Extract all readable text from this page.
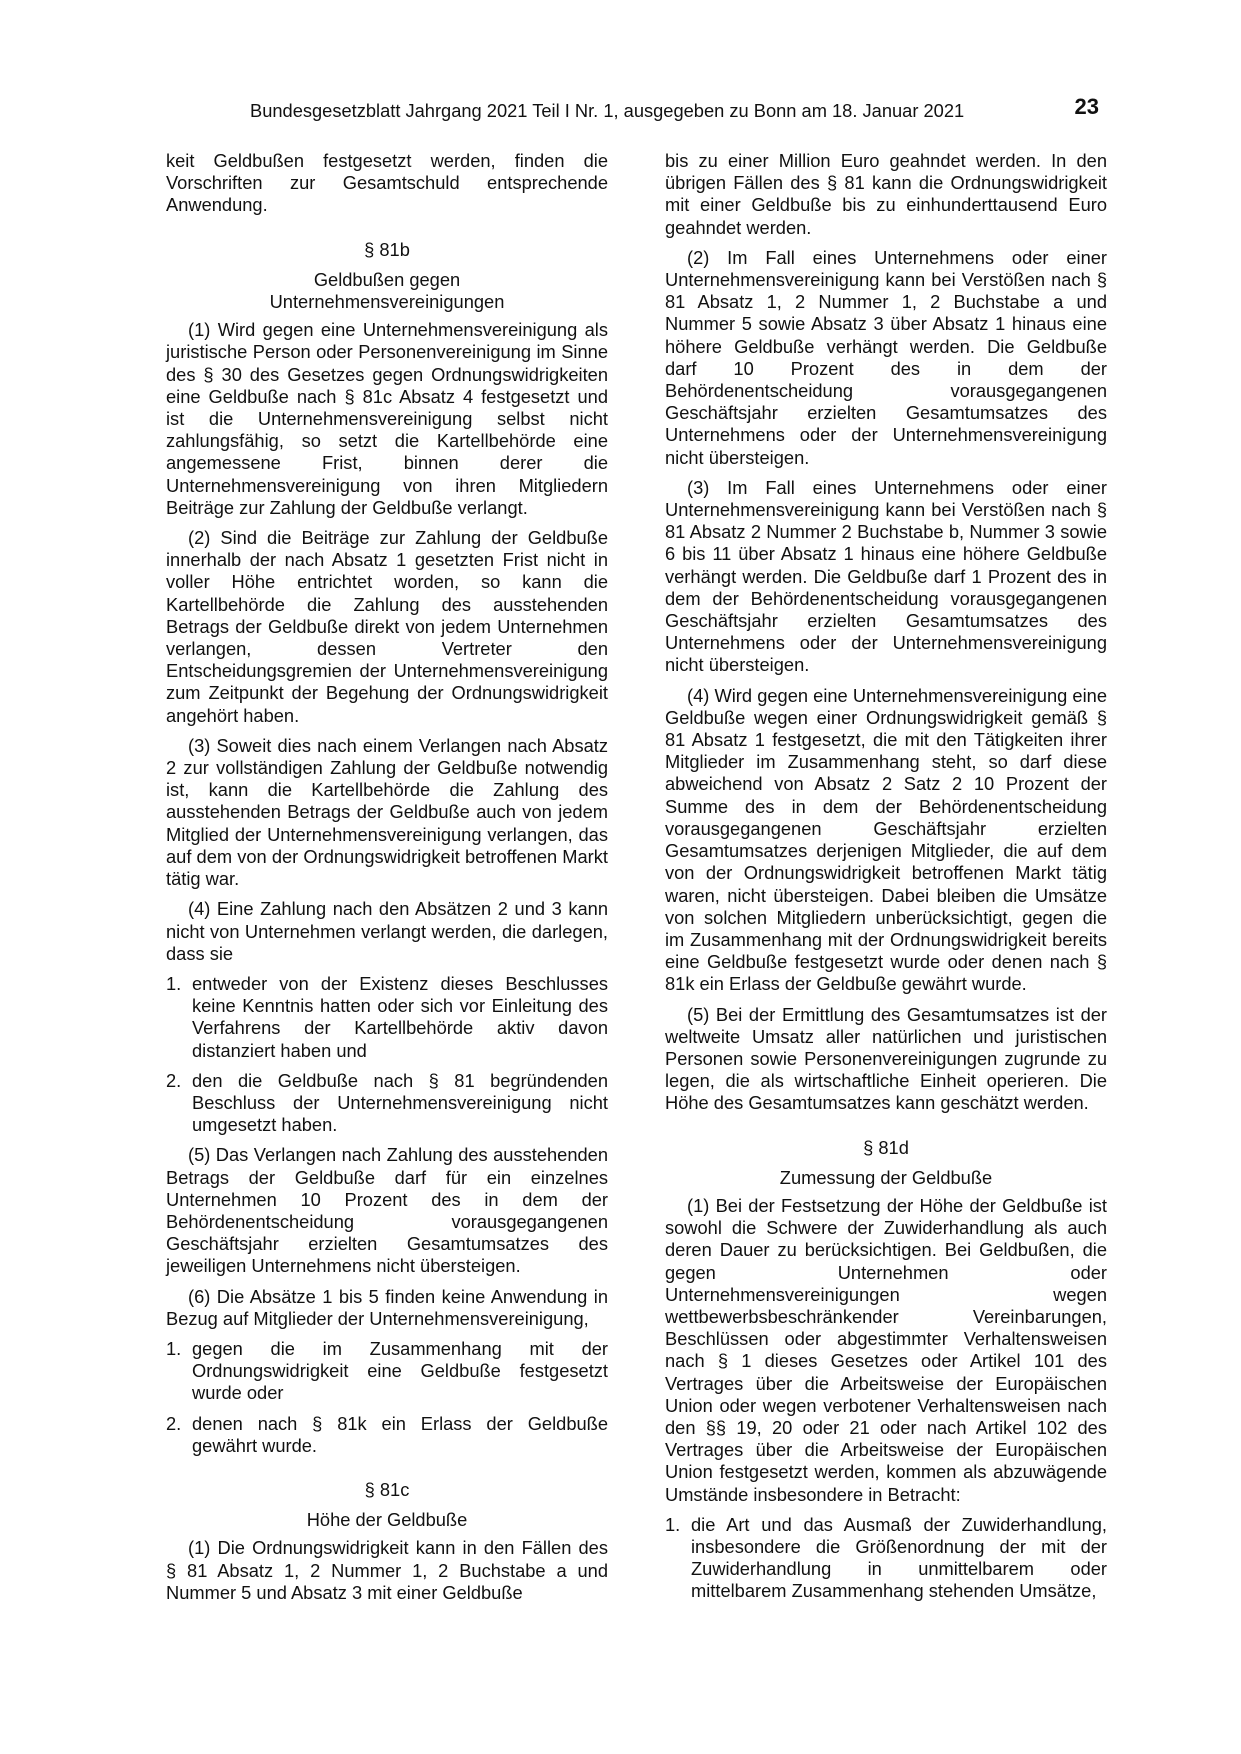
Bundesgesetzblatt Jahrgang 2021 Teil I Nr. 1, ausgegeben zu Bonn am 18. Januar 2021	23

keit Geldbußen festgesetzt werden, finden die Vorschriften zur Gesamtschuld entsprechende Anwendung.

§ 81b
Geldbußen gegen
Unternehmensvereinigungen

(1) Wird gegen eine Unternehmensvereinigung als juristische Person oder Personenvereinigung im Sinne des § 30 des Gesetzes gegen Ordnungswidrigkeiten eine Geldbuße nach § 81c Absatz 4 festgesetzt und ist die Unternehmensvereinigung selbst nicht zahlungsfähig, so setzt die Kartellbehörde eine angemessene Frist, binnen derer die Unternehmensvereinigung von ihren Mitgliedern Beiträge zur Zahlung der Geldbuße verlangt.

(2) Sind die Beiträge zur Zahlung der Geldbuße innerhalb der nach Absatz 1 gesetzten Frist nicht in voller Höhe entrichtet worden, so kann die Kartellbehörde die Zahlung des ausstehenden Betrags der Geldbuße direkt von jedem Unternehmen verlangen, dessen Vertreter den Entscheidungsgremien der Unternehmensvereinigung zum Zeitpunkt der Begehung der Ordnungswidrigkeit angehört haben.

(3) Soweit dies nach einem Verlangen nach Absatz 2 zur vollständigen Zahlung der Geldbuße notwendig ist, kann die Kartellbehörde die Zahlung des ausstehenden Betrags der Geldbuße auch von jedem Mitglied der Unternehmensvereinigung verlangen, das auf dem von der Ordnungswidrigkeit betroffenen Markt tätig war.

(4) Eine Zahlung nach den Absätzen 2 und 3 kann nicht von Unternehmen verlangt werden, die darlegen, dass sie

1. entweder von der Existenz dieses Beschlusses keine Kenntnis hatten oder sich vor Einleitung des Verfahrens der Kartellbehörde aktiv davon distanziert haben und
2. den die Geldbuße nach § 81 begründenden Beschluss der Unternehmensvereinigung nicht umgesetzt haben.

(5) Das Verlangen nach Zahlung des ausstehenden Betrags der Geldbuße darf für ein einzelnes Unternehmen 10 Prozent des in dem der Behördenentscheidung vorausgegangenen Geschäftsjahr erzielten Gesamtumsatzes des jeweiligen Unternehmens nicht übersteigen.

(6) Die Absätze 1 bis 5 finden keine Anwendung in Bezug auf Mitglieder der Unternehmensvereinigung,

1. gegen die im Zusammenhang mit der Ordnungswidrigkeit eine Geldbuße festgesetzt wurde oder
2. denen nach § 81k ein Erlass der Geldbuße gewährt wurde.
§ 81c
Höhe der Geldbuße

(1) Die Ordnungswidrigkeit kann in den Fällen des § 81 Absatz 1, 2 Nummer 1, 2 Buchstabe a und Nummer 5 und Absatz 3 mit einer Geldbuße

bis zu einer Million Euro geahndet werden. In den übrigen Fällen des § 81 kann die Ordnungswidrigkeit mit einer Geldbuße bis zu einhunderttausend Euro geahndet werden.

(2) Im Fall eines Unternehmens oder einer Unternehmensvereinigung kann bei Verstößen nach § 81 Absatz 1, 2 Nummer 1, 2 Buchstabe a und Nummer 5 sowie Absatz 3 über Absatz 1 hinaus eine höhere Geldbuße verhängt werden. Die Geldbuße darf 10 Prozent des in dem der Behördenentscheidung vorausgegangenen Geschäftsjahr erzielten Gesamtumsatzes des Unternehmens oder der Unternehmensvereinigung nicht übersteigen.

(3) Im Fall eines Unternehmens oder einer Unternehmensvereinigung kann bei Verstößen nach § 81 Absatz 2 Nummer 2 Buchstabe b, Nummer 3 sowie 6 bis 11 über Absatz 1 hinaus eine höhere Geldbuße verhängt werden. Die Geldbuße darf 1 Prozent des in dem der Behördenentscheidung vorausgegangenen Geschäftsjahr erzielten Gesamtumsatzes des Unternehmens oder der Unternehmensvereinigung nicht übersteigen.

(4) Wird gegen eine Unternehmensvereinigung eine Geldbuße wegen einer Ordnungswidrigkeit gemäß § 81 Absatz 1 festgesetzt, die mit den Tätigkeiten ihrer Mitglieder im Zusammenhang steht, so darf diese abweichend von Absatz 2 Satz 2 10 Prozent der Summe des in dem der Behördenentscheidung vorausgegangenen Geschäftsjahr erzielten Gesamtumsatzes derjenigen Mitglieder, die auf dem von der Ordnungswidrigkeit betroffenen Markt tätig waren, nicht übersteigen. Dabei bleiben die Umsätze von solchen Mitgliedern unberücksichtigt, gegen die im Zusammenhang mit der Ordnungswidrigkeit bereits eine Geldbuße festgesetzt wurde oder denen nach § 81k ein Erlass der Geldbuße gewährt wurde.

(5) Bei der Ermittlung des Gesamtumsatzes ist der weltweite Umsatz aller natürlichen und juristischen Personen sowie Personenvereinigungen zugrunde zu legen, die als wirtschaftliche Einheit operieren. Die Höhe des Gesamtumsatzes kann geschätzt werden.

§ 81d
Zumessung der Geldbuße

(1) Bei der Festsetzung der Höhe der Geldbuße ist sowohl die Schwere der Zuwiderhandlung als auch deren Dauer zu berücksichtigen. Bei Geldbußen, die gegen Unternehmen oder Unternehmensvereinigungen wegen wettbewerbsbeschränkender Vereinbarungen, Beschlüssen oder abgestimmter Verhaltensweisen nach § 1 dieses Gesetzes oder Artikel 101 des Vertrages über die Arbeitsweise der Europäischen Union oder wegen verbotener Verhaltensweisen nach den §§ 19, 20 oder 21 oder nach Artikel 102 des Vertrages über die Arbeitsweise der Europäischen Union festgesetzt werden, kommen als abzuwägende Umstände insbesondere in Betracht:

1. die Art und das Ausmaß der Zuwiderhandlung, insbesondere die Größenordnung der mit der Zuwiderhandlung in unmittelbarem oder mittelbarem Zusammenhang stehenden Umsätze,
